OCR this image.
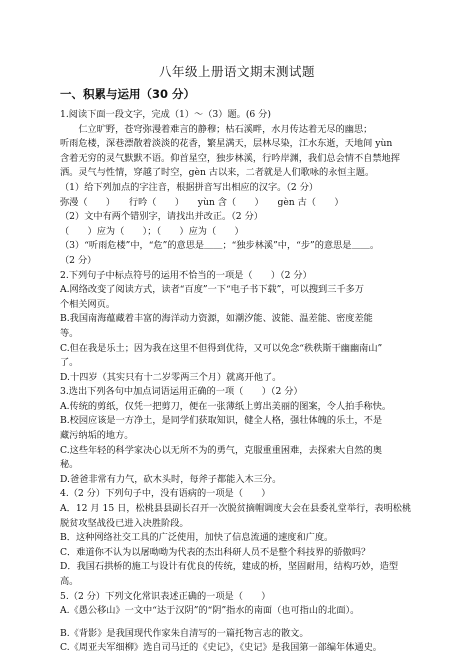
八年级上册语文期末测试题
一、积累与运用（30 分）
1.阅读下面一段文字，完成（1）～（3）题。(6 分)
　　仁立旷野，苍穹弥漫着难言的静穆；枯石溪畔，水月传达着无尽的幽思；
听雨危楼，深巷漂散着淡淡的花香，繁星满天，层林尽染，江水东逝，天地间 yùn
含着无穷的灵气默默不语。仰首星空，独步林溪，行吟岸渊，我们总会情不自禁地挥
洒。灵气与性情，穿越了时空，gèn 古以来，二者就是人们歌咏的永恒主题。
（1）给下列加点的字注音，根据拼音写出相应的汉字。（2 分）
弥漫（　　）　　行吟（　　）　　yùn 含（　　）　　gèn 古（　　）
（2）文中有两个错别字，请找出并改正。（2 分）
（　　）应为（　　）；（　　）应为（　　）
（3）“听雨危楼”中，“危”的意思是＿＿；“独步林溪”中，“步”的意思是＿＿。
（2 分）
2.下列句子中标点符号的运用不恰当的一项是（　　）（2 分）
A.网络改变了阅读方式，读者“百度”一下“电子书下载”，可以搜到三千多万
个相关网页。
B.我国南海蕴藏着丰富的海洋动力资源，如潮汐能、波能、温差能、密度差能
等。
C.但在我是乐土；因为我在这里不但得到优待，又可以免念“秩秩斯干幽幽南山”
了。
D.十四岁（其实只有十二岁零两三个月）就离开他了。
3.选出下列各句中加点词语运用正确的一项（　　）（2 分）
A.传统的剪纸，仅凭一把剪刀，便在一张薄纸上剪出美丽的图案，令人拍手称快。
B.校园应该是一方净土，是同学们获取知识，健全人格，强壮体魄的乐土，不是
藏污纳垢的地方。
C.这些年轻的科学家决心以无所不为的勇气，克服重重困难，去探索大自然的奥
秘。
D.爸爸非常有力气，砍木头时，每斧子都能入木三分。
4.（2 分）下列句子中，没有语病的一项是（　　）
A．12 月 15 日，松桃县县副长召开一次脱贫摘帽调度大会在县委礼堂举行，表明松桃
脱贫攻坚战役已进入决胜阶段。
B．这种网络社交工具的广泛使用，加快了信息流通的速度和广度。
C．难道你不认为以屠呦呦为代表的杰出科研人员不是整个科技界的骄傲吗？
D．我国石拱桥的施工与设计有优良的传统，建成的桥，坚固耐用，结构巧妙，造型
高。
5.（2 分）下列文化常识表述正确的一项是（　　）
A.《愚公移山》一文中“达于汉阴”的“阴”指水的南面（也可指山的北面）。
B.《背影》是我国现代作家朱自清写的一篇托物言志的散文。
C.《周亚夫军细柳》选自司马迁的《史记》，《史记》是我国第一部编年体通史。
